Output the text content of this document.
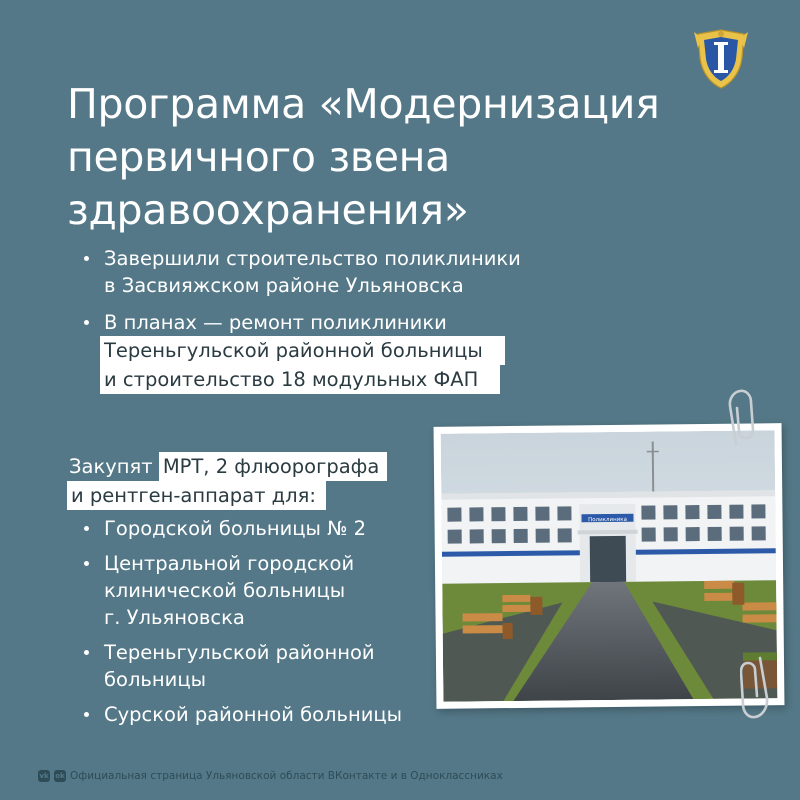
Программа «Модернизация
первичного звена
здравоохранения»
Завершили строительство поликлиники
в Засвияжском районе Ульяновска
В планах — ремонт поликлиники
Тереньгульской районной больницы
и строительство 18 модульных ФАП
Закупят МРТ, 2 флюорографа
и рентген-аппарат для:
Городской больницы № 2
Центральной городской
клинической больницы
г. Ульяновска
Тереньгульской районной
больницы
Сурской районной больницы
Поликлиника
vk ok Официальная страница Ульяновской области ВКонтакте и в Одноклассниках
